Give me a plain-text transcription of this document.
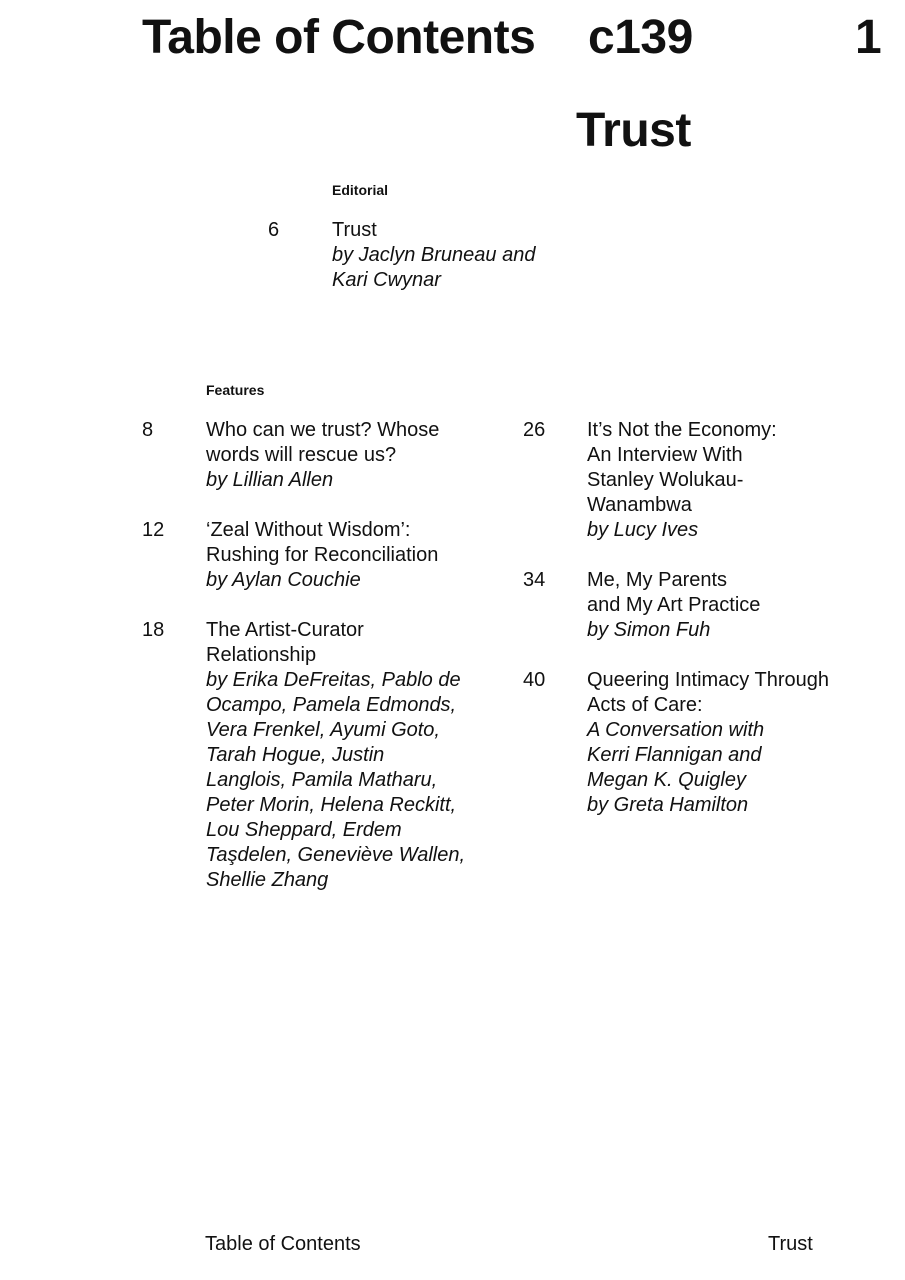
Table of Contents c139	1
Trust
Editorial
6	Trust
by Jaclyn Bruneau and
Kari Cwynar
Features
8	Who can we trust? Whose
words will rescue us?
by Lillian Allen
12 ‘Zeal Without Wisdom’:
Rushing for Reconciliation
by Aylan Couchie
18 The Artist-Curator
Relationship
by Erika DeFreitas, Pablo de
Ocampo, Pamela Edmonds,
Vera Frenkel, Ayumi Goto,
Tarah Hogue, Justin
Langlois, Pamila Matharu,
Peter Morin, Helena Reckitt,
Lou Sheppard, Erdem
Taşdelen, Geneviève Wallen,
Shellie Zhang
26 It’s Not the Economy:
An Interview With
Stanley Wolukau-
Wanambwa
by Lucy Ives
34 Me, My Parents
and My Art Practice
by Simon Fuh
40 Queering Intimacy Through
Acts of Care:
A Conversation with
Kerri Flannigan and
Megan K. Quigley
by Greta Hamilton
Table of Contents	Trust
